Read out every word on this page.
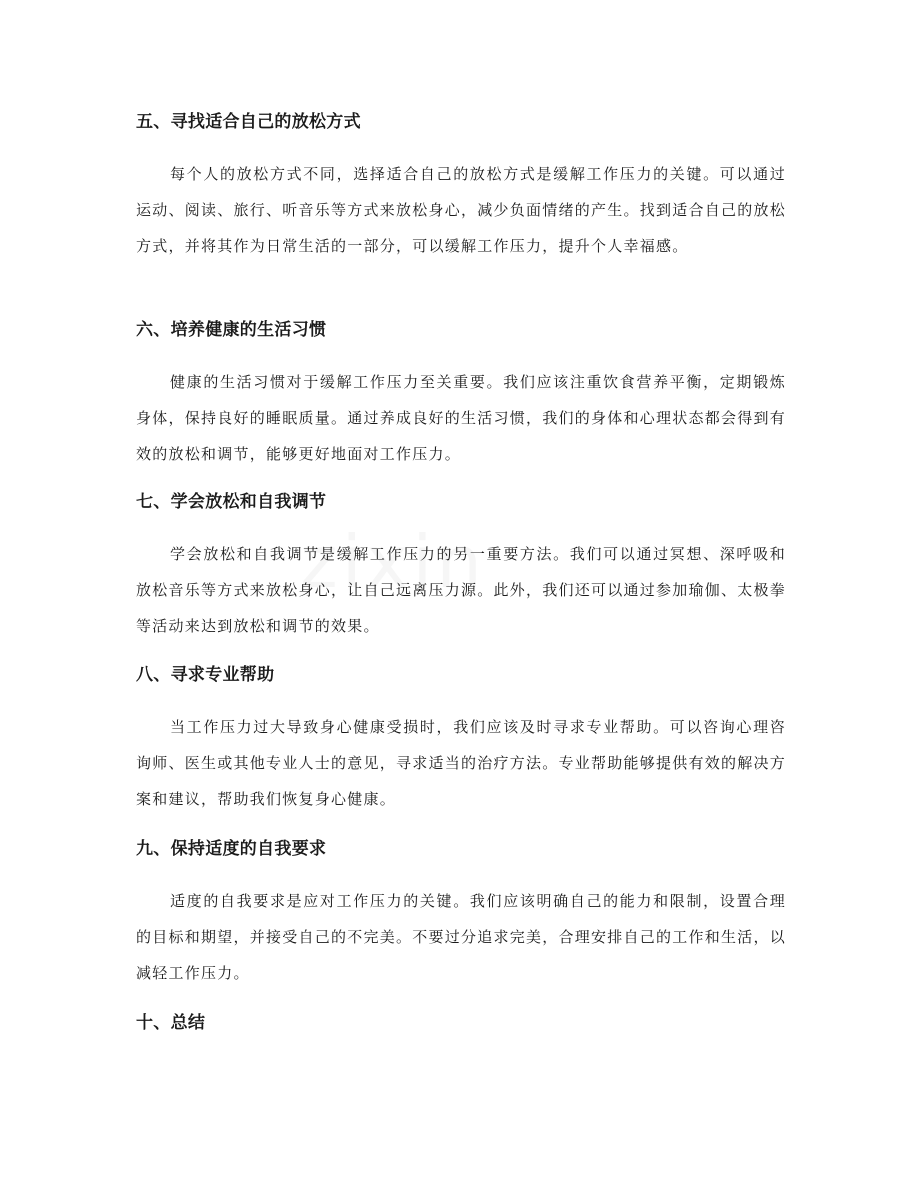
五、寻找适合自己的放松方式

每个人的放松方式不同，选择适合自己的放松方式是缓解工作压力的关键。可以通过运动、阅读、旅行、听音乐等方式来放松身心，减少负面情绪的产生。找到适合自己的放松方式，并将其作为日常生活的一部分，可以缓解工作压力，提升个人幸福感。

六、培养健康的生活习惯

健康的生活习惯对于缓解工作压力至关重要。我们应该注重饮食营养平衡，定期锻炼身体，保持良好的睡眠质量。通过养成良好的生活习惯，我们的身体和心理状态都会得到有效的放松和调节，能够更好地面对工作压力。

七、学会放松和自我调节

学会放松和自我调节是缓解工作压力的另一重要方法。我们可以通过冥想、深呼吸和放松音乐等方式来放松身心，让自己远离压力源。此外，我们还可以通过参加瑜伽、太极拳等活动来达到放松和调节的效果。

八、寻求专业帮助

当工作压力过大导致身心健康受损时，我们应该及时寻求专业帮助。可以咨询心理咨询师、医生或其他专业人士的意见，寻求适当的治疗方法。专业帮助能够提供有效的解决方案和建议，帮助我们恢复身心健康。

九、保持适度的自我要求

适度的自我要求是应对工作压力的关键。我们应该明确自己的能力和限制，设置合理的目标和期望，并接受自己的不完美。不要过分追求完美，合理安排自己的工作和生活，以减轻工作压力。

十、总结
